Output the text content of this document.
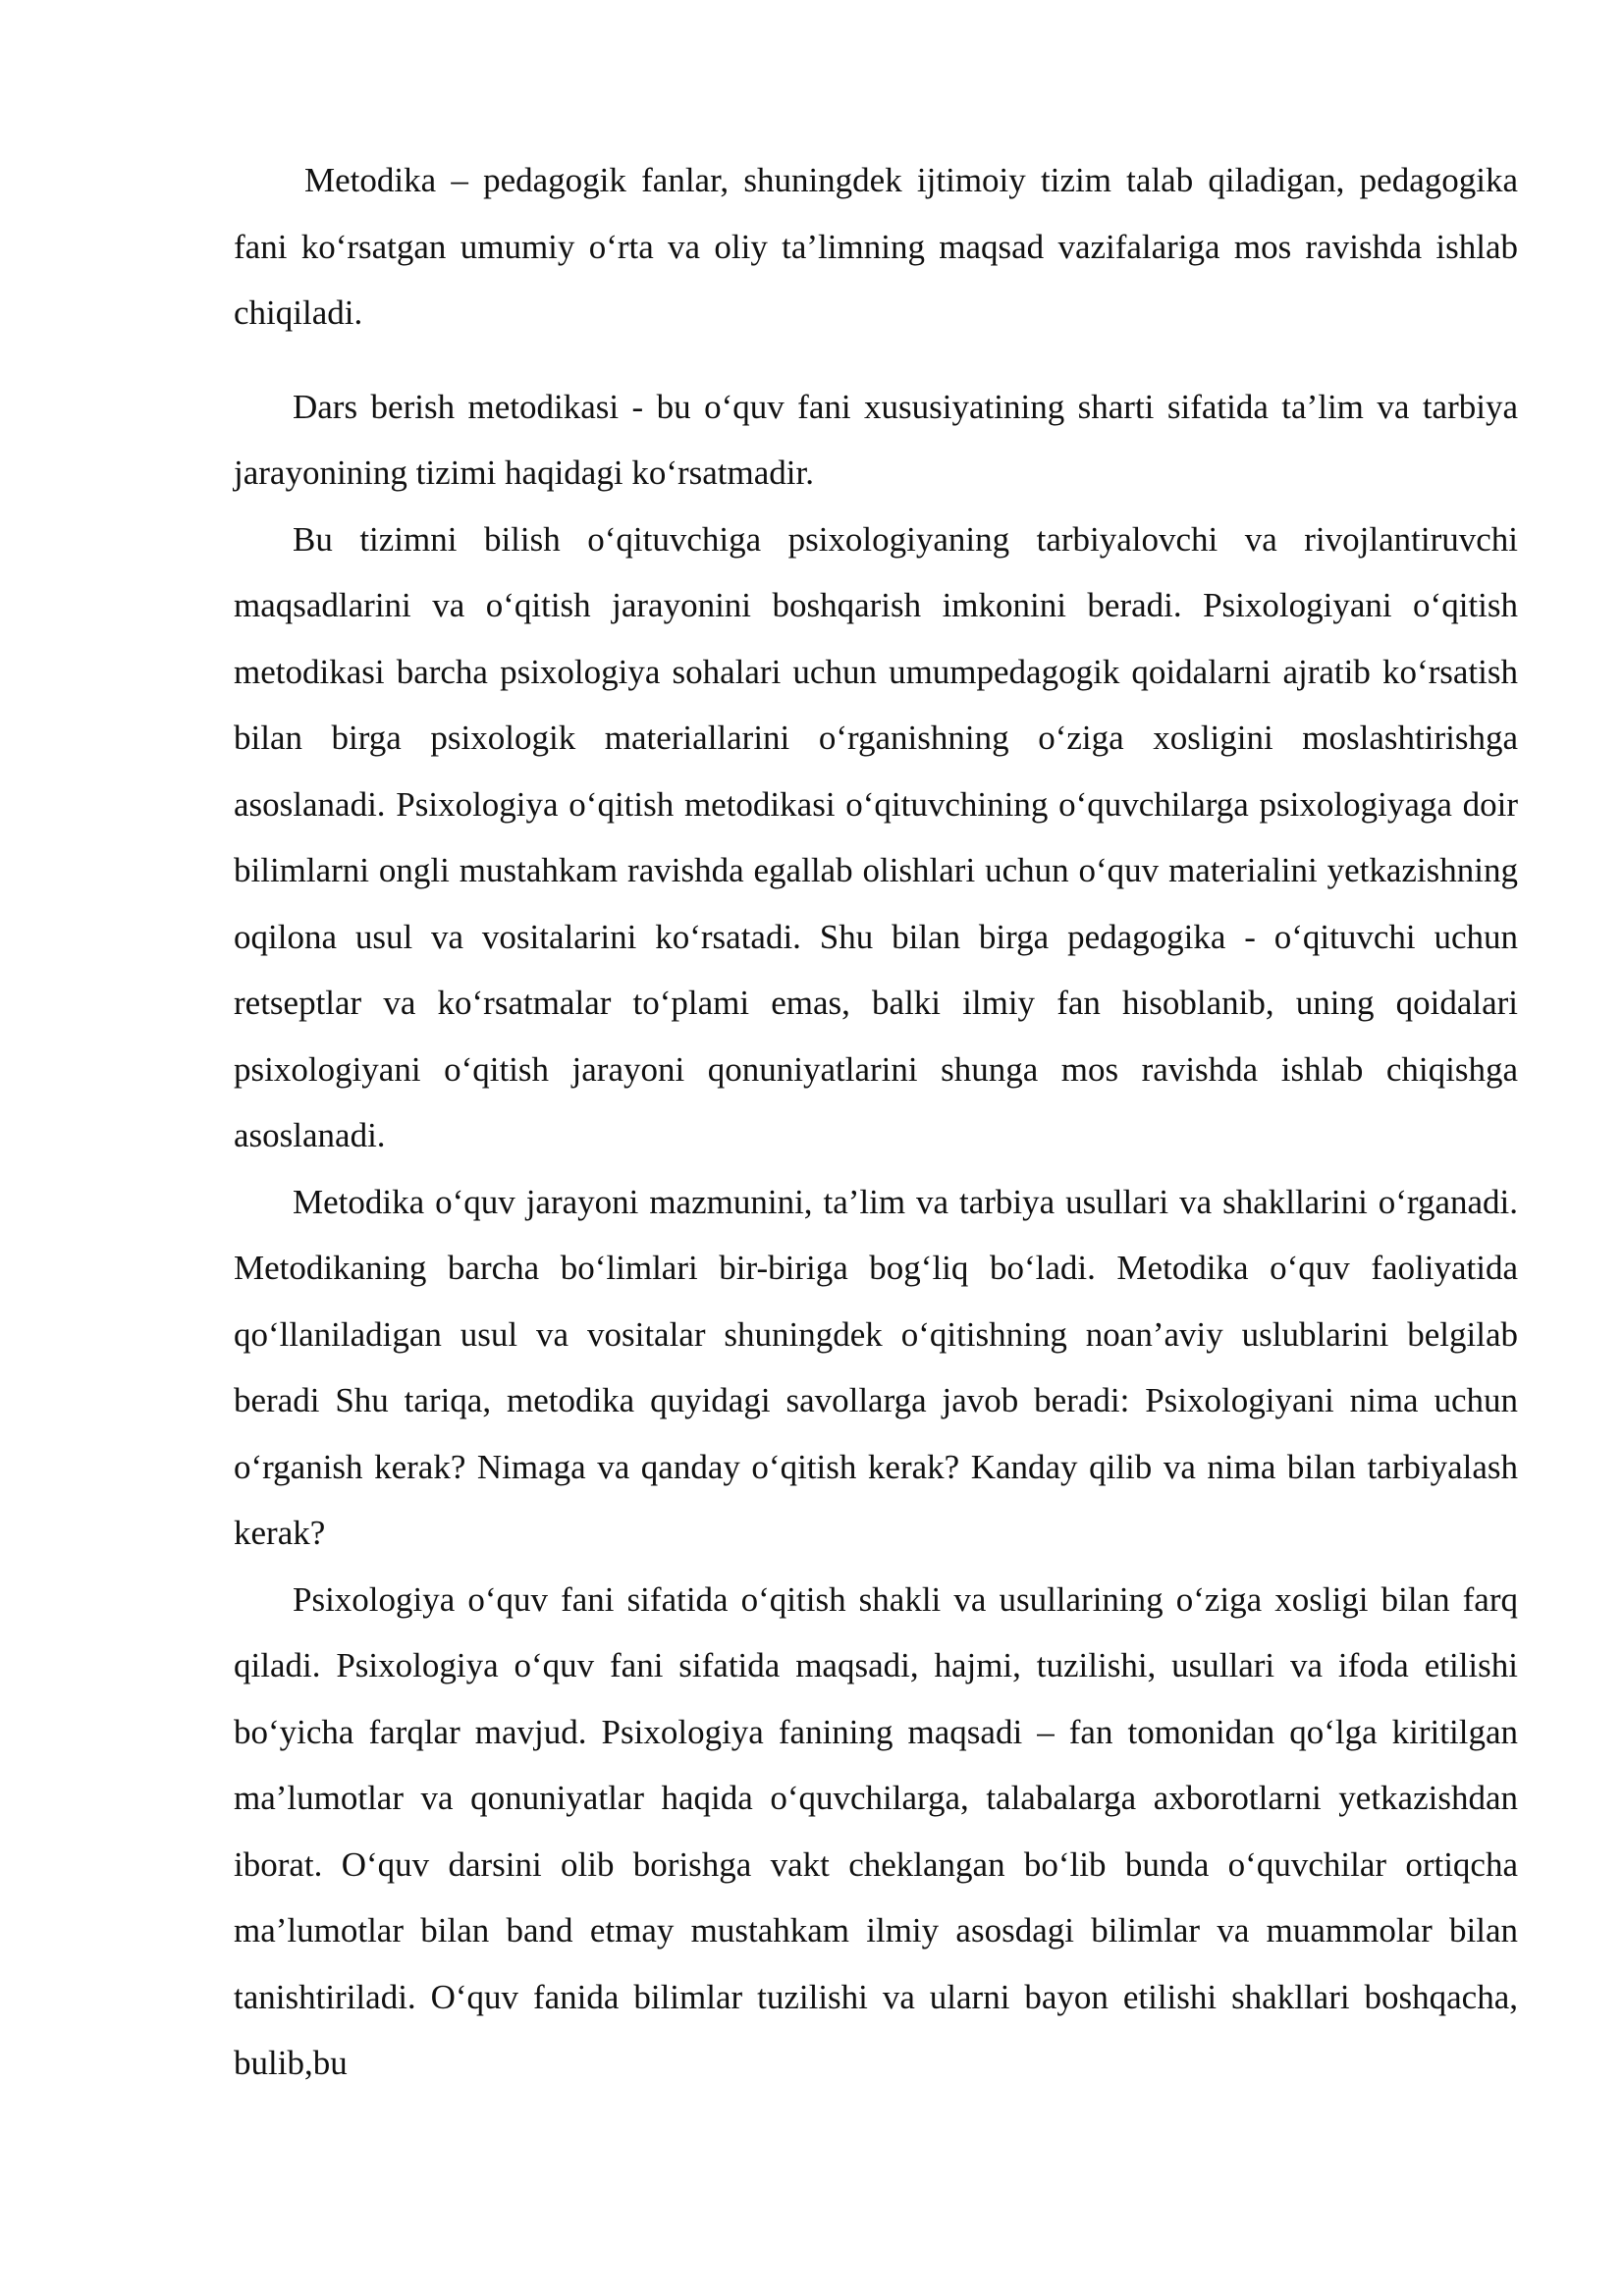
Metodika – pedagogik fanlar, shuningdek ijtimoiy tizim talab qiladigan, pedagogika fani ko‘rsatgan umumiy o‘rta va oliy ta’limning maqsad vazifalariga mos ravishda ishlab chiqiladi.

Dars berish metodikasi - bu o‘quv fani xususiyatining sharti sifatida ta’lim va tarbiya jarayonining tizimi haqidagi ko‘rsatmadir.

Bu tizimni bilish o‘qituvchiga psixologiyaning tarbiyalovchi va rivojlantiruvchi maqsadlarini va o‘qitish jarayonini boshqarish imkonini beradi. Psixologiyani o‘qitish metodikasi barcha psixologiya sohalari uchun umumpedagogik qoidalarni ajratib ko‘rsatish bilan birga psixologik materiallarini o‘rganishning o‘ziga xosligini moslashtirishga asoslanadi. Psixologiya o‘qitish metodikasi o‘qituvchining o‘quvchilarga psixologiyaga doir bilimlarni ongli mustahkam ravishda egallab olishlari uchun o‘quv materialini yetkazishning oqilona usul va vositalarini ko‘rsatadi. Shu bilan birga pedagogika - o‘qituvchi uchun retseptlar va ko‘rsatmalar to‘plami emas, balki ilmiy fan hisoblanib, uning qoidalari psixologiyani o‘qitish jarayoni qonuniyatlarini shunga mos ravishda ishlab chiqishga asoslanadi.

Metodika o‘quv jarayoni mazmunini, ta’lim va tarbiya usullari va shakllarini o‘rganadi. Metodikaning barcha bo‘limlari bir-biriga bog‘liq bo‘ladi. Metodika o‘quv faoliyatida qo‘llaniladigan usul va vositalar shuningdek o‘qitishning noan’aviy uslublarini belgilab beradi Shu tariqa, metodika quyidagi savollarga javob beradi: Psixologiyani nima uchun o‘rganish kerak? Nimaga va qanday o‘qitish kerak? Kanday qilib va nima bilan tarbiyalash kerak?

Psixologiya o‘quv fani sifatida o‘qitish shakli va usullarining o‘ziga xosligi bilan farq qiladi. Psixologiya o‘quv fani sifatida maqsadi, hajmi, tuzilishi, usullari va ifoda etilishi bo‘yicha farqlar mavjud. Psixologiya fanining maqsadi – fan tomonidan qo‘lga kiritilgan ma’lumotlar va qonuniyatlar haqida o‘quvchilarga, talabalarga axborotlarni yetkazishdan iborat. O‘quv darsini olib borishga vakt cheklangan bo‘lib bunda o‘quvchilar ortiqcha ma’lumotlar bilan band etmay mustahkam ilmiy asosdagi bilimlar va muammolar bilan tanishtiriladi. O‘quv fanida bilimlar tuzilishi va ularni bayon etilishi shakllari boshqacha, bulib,bu
